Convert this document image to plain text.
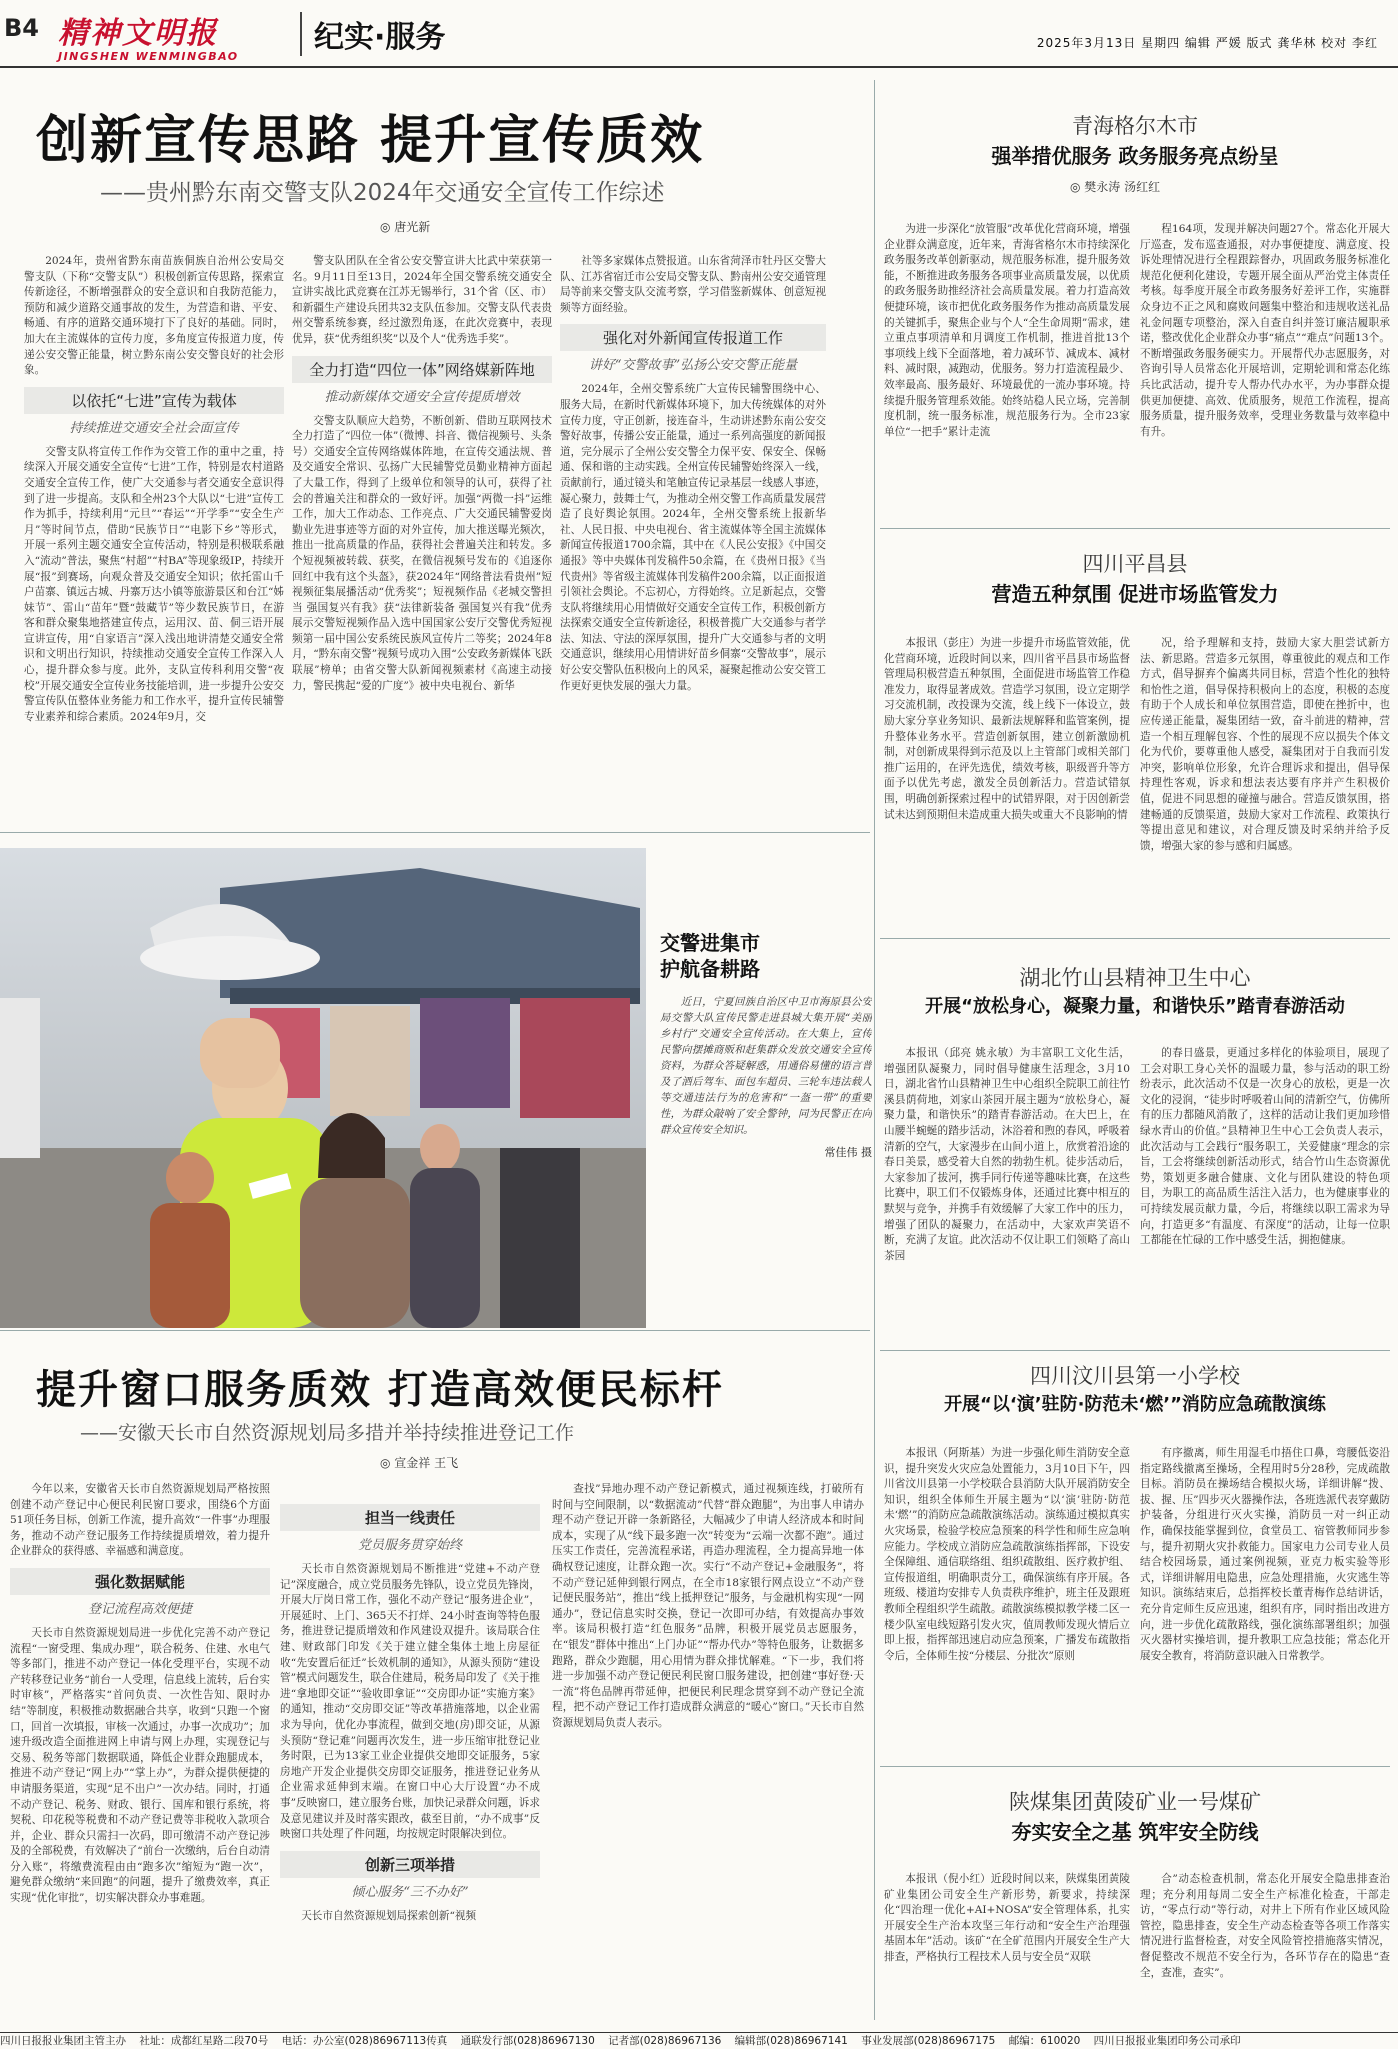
B4 精神文明报
JINGSHEN WENMINGBAO
纪实·服务	2025年3月13日 星期四 编辑 严媛 版式 龚华林 校对 李红
创新宣传思路 提升宣传质效
——贵州黔东南交警支队2024年交通安全宣传工作综述
◎ 唐光新

2024年，贵州省黔东南苗族侗族自治州公安局交警支队（下称“交警支队”）积极创新宣传思路，探索宣传新途径，不断增强群众的安全意识和自我防范能力，预防和减少道路交通事故的发生，为营造和谐、平安、畅通、有序的道路交通环境打下了良好的基础。同时，加大在主流媒体的宣传力度，多角度宣传报道力度，传递公安交警正能量，树立黔东南公安交警良好的社会形象。

以依托“七进”宣传为载体
持续推进交通安全社会面宣传

交警支队将宣传工作作为交管工作的重中之重，持续深入开展交通安全宣传“七进”工作，特别是农村道路交通安全宣传工作，使广大交通参与者交通安全意识得到了进一步提高。支队和全州23个大队以“七进”宣传工作为抓手，持续利用“元旦”“春运”“开学季”“安全生产月”等时间节点，借助“民族节日”“电影下乡”等形式，开展一系列主题交通安全宣传活动，特别是积极联系融入“流动”普法，聚焦“村超”“村BA”等现象级IP，持续开展“报”到赛场，向观众普及交通安全知识；依托雷山千户苗寨、镇远古城、丹寨万达小镇等旅游景区和台江“姊妹节”、雷山“苗年”暨“鼓藏节”等少数民族节日，在游客和群众聚集地搭建宣传点，运用汉、苗、侗三语开展宣讲宣传，用“自家语言”深入浅出地讲清楚交通安全常识和文明出行知识，持续推动交通安全宣传工作深入人心，提升群众参与度。此外，支队宣传科利用交警“夜校”开展交通安全宣传业务技能培训，进一步提升公安交警宣传队伍整体业务能力和工作水平，提升宣传民辅警专业素养和综合素质。2024年9月，交

警支队团队在全省公安交警宣讲大比武中荣获第一名。9月11日至13日，2024年全国交警系统交通安全宣讲实战比武竞赛在江苏无锡举行，31个省（区、市）和新疆生产建设兵团共32支队伍参加。交警支队代表贵州交警系统参赛，经过激烈角逐，在此次竞赛中，表现优异，获“优秀组织奖”以及个人“优秀选手奖”。

全力打造“四位一体”网络媒新阵地
推动新媒体交通安全宣传提质增效

交警支队顺应大趋势，不断创新、借助互联网技术全力打造了“四位一体”（微博、抖音、微信视频号、头条号）交通安全宣传网络媒体阵地，在宣传交通法规、普及交通安全常识、弘扬广大民辅警党员勤业精神方面起了大量工作，得到了上级单位和领导的认可，获得了社会的普遍关注和群众的一致好评。加强“两微一抖”运维工作，加大工作动态、工作亮点、广大交通民辅警爱岗勤业先进事迹等方面的对外宣传，加大推送曝光频次，推出一批高质量的作品，获得社会普遍关注和转发。多个短视频被转载、获奖，在微信视频号发布的《追逐你回红中我有这个头盔》，获2024年“网络普法看贵州”短视频征集展播活动“优秀奖”；短视频作品《老城交警担当 强国复兴有我》获“法律新装备 强国复兴有我”优秀展示交警短视频作品入选中国国家公安厅交警优秀短视频第一届中国公安系统民族风宣传片二等奖；2024年8月，“黔东南交警”视频号成功入围“公安政务新媒体飞跃联展”榜单；由省交警大队新闻视频素材《高速主动接力，警民携起“爱的广度”》被中央电视台、新华

社等多家媒体点赞报道。山东省菏泽市牡丹区交警大队、江苏省宿迁市公安局交警支队、黔南州公安交通管理局等前来交警支队交流考察，学习借鉴新媒体、创意短视频等方面经验。

强化对外新闻宣传报道工作
讲好“交警故事”弘扬公安交警正能量

2024年，全州交警系统广大宣传民辅警围绕中心、服务大局，在新时代新媒体环境下，加大传统媒体的对外宣传力度，守正创新，接连奋斗，生动讲述黔东南公安交警好故事，传播公安正能量，通过一系列高强度的新闻报道，完分展示了全州公安交警全力保平安、保安全、保畅通、保和谐的主动实践。全州宣传民辅警始终深入一线，贡献前行，通过镜头和笔触宣传记录基层一线感人事迹，凝心聚力，鼓舞士气，为推动全州交警工作高质量发展营造了良好舆论氛围。2024年，全州交警系统上报新华社、人民日报、中央电视台、省主流媒体等全国主流媒体新闻宣传报道1700余篇，其中在《人民公安报》《中国交通报》等中央媒体刊发稿件50余篇，在《贵州日报》《当代贵州》等省级主流媒体刊发稿件200余篇，以正面报道引领社会舆论。不忘初心，方得始终。立足新起点，交警支队将继续用心用情做好交通安全宣传工作，积极创新方法探索交通安全宣传新途径，积极普揽广大交通参与者学法、知法、守法的深厚氛围，提升广大交通参与者的文明交通意识，继续用心用情讲好苗乡侗寨“交警故事”，展示好公安交警队伍积极向上的风采，凝聚起推动公安交管工作更好更快发展的强大力量。

交警进集市
护航备耕路
近日，宁夏回族自治区中卫市海原县公安局交警大队宣传民警走进县城大集开展“美丽乡村行”交通安全宣传活动。在大集上，宣传民警向摆摊商贩和赶集群众发放交通安全宣传资料，为群众答疑解惑，用通俗易懂的语言普及了酒后驾车、面包车超员、三轮车违法载人等交通违法行为的危害和“一盔一带”的重要性，为群众敲响了安全警钟，同为民警正在向群众宣传安全知识。
常佳伟 摄
提升窗口服务质效 打造高效便民标杆
——安徽天长市自然资源规划局多措并举持续推进登记工作
◎ 宣金祥 王飞

今年以来，安徽省天长市自然资源规划局严格按照创建不动产登记中心便民利民窗口要求，围绕6个方面51项任务目标，创新工作流，提升高效“一件事”办理服务，推动不动产登记服务工作持续提质增效，着力提升企业群众的获得感、幸福感和满意度。

强化数据赋能
登记流程高效便捷

天长市自然资源规划局进一步优化完善不动产登记流程“一窗受理、集成办理”，联合税务、住建、水电气等多部门，推进不动产登记一体化受理平台，实现不动产转移登记业务“前台一人受理，信息线上流转，后台实时审核”，严格落实“首问负责、一次性告知、限时办结”等制度，积极推动数据融合共享，收到“只跑一个窗口，回首一次填报，审核一次通过，办事一次成功”；加速升级改造全面推进网上申请与网上办理，实现登记与交易、税务等部门数据联通，降低企业群众跑腿成本，推进不动产登记“网上办”“掌上办”，为群众提供便捷的申请服务渠道，实现“足不出户”一次办结。同时，打通不动产登记、税务、财政、银行、国库和银行系统，将契税、印花税等税费和不动产登记费等非税收入款项合并，企业、群众只需扫一次码，即可缴清不动产登记涉及的全部税费，有效解决了“前台一次缴纳，后台自动清分入账”，将缴费流程由由“跑多次”缩短为“跑一次”，避免群众缴纳“来回跑”的问题，提升了缴费效率，真正实现“优化审批”，切实解决群众办事难题。

担当一线责任
党员服务贯穿始终

天长市自然资源规划局不断推进“党建+不动产登记”深度融合，成立党员服务先锋队，设立党员先锋岗，开展大厅岗日常工作，强化不动产登记“服务进企业”，开展延时、上门、365天不打烊、24小时查询等特色服务，推进登记提质增效和作风建设双提升。该局联合住建、财政部门印发《关于建立健全集体土地上房屋征收“先安置后征迁”长效机制的通知》，从源头预防“建设管”模式问题发生，联合住建局，税务局印发了《关于推进“拿地即交证”“验收即拿证”“交房即办证”实施方案》的通知，推动“交房即交证”等改革措施落地，以企业需求为导向，优化办事流程，做到交地(房)即交证，从源头预防“登记难”问题再次发生，进一步压缩审批登记业务时限，已为13家工业企业提供交地即交证服务，5家房地产开发企业提供交房即交证服务，推进登记业务从企业需求延伸到末端。在窗口中心大厅设置“办不成事”反映窗口，建立服务台账，加快记录群众问题，诉求及意见建议并及时落实跟改，截至目前，“办不成事”反映窗口共处理了件问题，均按规定时限解决到位。

创新三项举措
倾心服务“三不办好”

天长市自然资源规划局探索创新“视频

查找”异地办理不动产登记新模式，通过视频连线，打破所有时间与空间限制，以“数据流动”代替“群众跑腿”，为出事人申请办理不动产登记开辟一条新路径，大幅减少了申请人经济成本和时间成本，实现了从“线下最多跑一次”转变为“云端一次都不跑”。通过压实工作责任，完善流程承诺，再造办理流程，全力提高异地一体确权登记速度，让群众跑一次。实行“不动产登记+金融服务”，将不动产登记延伸到银行网点，在全市18家银行网点设立“不动产登记便民服务站”，推出“线上抵押登记”服务，与金融机构实现“一网通办”，登记信息实时交换，登记一次即可办结，有效提高办事效率。该局积极打造“红色服务”品牌，积极开展党员志愿服务，在“银发”群体中推出“上门办证”“帮办代办”等特色服务，让数据多跑路，群众少跑腿，用心用情为群众排忧解难。“下一步，我们将进一步加强不动产登记便民利民窗口服务建设，把创建“事好登·天一流”将色品牌再带延伸，把便民利民理念贯穿到不动产登记全流程，把不动产登记工作打造成群众满意的“暖心”窗口。”天长市自然资源规划局负责人表示。

青海格尔木市
强举措优服务 政务服务亮点纷呈
◎ 樊永涛 汤红红

为进一步深化“放管服”改革优化营商环境，增强企业群众满意度，近年来，青海省格尔木市持续深化政务服务改革创新驱动，规范服务标准，提升服务效能，不断推进政务服务各项事业高质量发展，以优质的政务服务助推经济社会高质量发展。着力打造高效便捷环境，该市把优化政务服务作为推动高质量发展的关键抓手，聚焦企业与个人“全生命周期”需求，建立重点事项清单和月调度工作机制，推进首批13个事项线上线下全面落地，着力减环节、减成本、减材料、减时限，减跑动，优服务。努力打造流程最少、效率最高、服务最好、环境最优的一流办事环境。持续提升服务管理系效能。始终站稳人民立场，完善制度机制，统一服务标准，规范服务行为。全市23家单位“一把手”累计走流

程164项，发现并解决问题27个。常态化开展大厅巡查，发布巡查通报，对办事便捷度、满意度、投诉处理情况进行全程跟踪督办，巩固政务服务标准化规范化便利化建设，专题开展全面从严治党主体责任考核。每季度开展全市政务服务好差评工作，实施群众身边不正之风和腐败问题集中整治和违规收送礼品礼金问题专项整治，深入自查自纠并签订廉洁履职承诺，整改优化企业群众办事“痛点”“难点”问题13个。不断增强政务服务硬实力。开展帮代办志愿服务，对咨询引导人员常态化开展培训，定期轮训和常态化练兵比武活动，提升专人帮办代办水平，为办事群众提供更加便捷、高效、优质服务，规范工作流程，提高服务质量，提升服务效率，受理业务数量与效率稳中有升。

四川平昌县
营造五种氛围 促进市场监管发力

本报讯（彭庄）为进一步提升市场监管效能，优化营商环境，近段时间以来，四川省平昌县市场监督管理局积极营造五种氛围，全面促进市场监管工作稳准发力，取得显著成效。营造学习氛围，设立定期学习交流机制，改投课为交流，线上线下一体设立，鼓励大家分享业务知识、最新法规解释和监管案例，提升整体业务水平。营造创新氛围，建立创新激励机制，对创新成果得到示范及以上主管部门或相关部门推广运用的，在评先选优，绩效考核，职级晋升等方面予以优先考虑，激发全员创新活力。营造试错氛围，明确创新探索过程中的试错界限，对于因创新尝试未达到预期但未造成重大损失或重大不良影响的情

况，给予理解和支持，鼓励大家大胆尝试新方法、新思路。营造多元氛围，尊重彼此的观点和工作方式，倡导摒弃个偏离共同目标，营造个性化的独特和怡性之道，倡导保持积极向上的态度，积极的态度有助于个人成长和单位氛围营造，即使在挫折中，也应传递正能量，凝集团结一致，奋斗前进的精神，营造一个相互理解包容、个性的展现不应以损失个体文化为代价，要尊重他人感受，凝集团对于自我而引发冲突，影响单位形象，允许合理诉求和提出，倡导保持理性客观，诉求和想法表达要有序并产生积极价值，促进不同思想的碰撞与融合。营造反馈氛围，搭建畅通的反馈渠道，鼓励大家对工作流程、政策执行等提出意见和建议，对合理反馈及时采纳并给予反馈，增强大家的参与感和归属感。

湖北竹山县精神卫生中心
开展“放松身心，凝聚力量，和谐快乐”踏青春游活动

本报讯（邱亮 姚永敏）为丰富职工文化生活，增强团队凝聚力，同时倡导健康生活理念，3月10日，湖北省竹山县精神卫生中心组织全院职工前往竹溪县荫荷地，刘家山茶园开展主题为“放松身心，凝聚力量，和谐快乐”的踏青春游活动。在大巴上，在山腰半蜿蜒的踏步活动，沐浴着和煦的春风，呼吸着清新的空气，大家漫步在山间小道上，欣赏着沿途的春日美景，感受着大自然的勃勃生机。徒步活动后，大家参加了拔河，携手同行传递等趣味比赛，在这些比赛中，职工们不仅锻炼身体，还通过比赛中相互的默契与竞争，并携手有效缓解了大家工作中的压力，增强了团队的凝聚力，在活动中，大家欢声笑语不断，充满了友谊。此次活动不仅让职工们领略了高山茶园

的春日盛景，更通过多样化的体验项目，展现了工会对职工身心关怀的温暖力量，参与活动的职工纷纷表示，此次活动不仅是一次身心的放松，更是一次文化的浸润，“徒步时呼吸着山间的清新空气，仿佛所有的压力都随风消散了，这样的活动让我们更加珍惜绿水青山的价值。”县精神卫生中心工会负责人表示，此次活动与工会践行“服务职工，关爱健康”理念的宗旨，工会将继续创新活动形式，结合竹山生态资源优势，策划更多融合健康、文化与团队建设的特色项目，为职工的高品质生活注入活力，也为健康事业的可持续发展贡献力量，今后，将继续以职工需求为导向，打造更多“有温度、有深度”的活动，让每一位职工都能在忙碌的工作中感受生活，拥抱健康。

四川汶川县第一小学校
开展“以‘演’驻防·防范未‘燃’”消防应急疏散演练

本报讯（阿斯基）为进一步强化师生消防安全意识，提升突发火灾应急处置能力，3月10日下午，四川省汶川县第一小学校联合县消防大队开展消防安全知识，组织全体师生开展主题为“以‘演’驻防·防范未‘燃’”的消防应急疏散演练活动。演练通过模拟真实火灾场景，检验学校应急预案的科学性和师生应急响应能力。学校成立消防应急疏散演练指挥部，下设安全保障组、通信联络组、组织疏散组、医疗救护组、宣传报道组，明确职责分工，确保演练有序开展。各班级、楼道均安排专人负责秩序维护，班主任及跟班教师全程组织学生疏散。疏散演练模拟教学楼二区一楼少队室电线短路引发火灾，值周教师发现火情后立即上报，指挥部迅速启动应急预案，广播发布疏散指令后，全体师生按“分楼层、分批次”原则

有序撤离，师生用湿毛巾捂住口鼻，弯腰低姿沿指定路线撤离至操场，全程用时5分28秒，完成疏散目标。消防员在操场结合模拟火场，详细讲解“拨、拔、握、压”四步灭火器操作法，各班选派代表穿戴防护装备，分组进行灭火实操，消防员一对一纠正动作，确保技能掌握到位，食堂员工、宿管教师同步参与，提升初期火灾扑救能力。国家电力公司专业人员结合校园场景，通过案例视频，亚克力板实验等形式，详细讲解用电隐患，应急处理措施，火灾逃生等知识。演练结束后，总指挥校长董青梅作总结讲话，充分肯定师生反应迅速，组织有序，同时指出改进方向，进一步优化疏散路线，强化演练部署组织；加强灭火器材实操培训，提升教职工应急技能；常态化开展安全教育，将消防意识融入日常教学。

陕煤集团黄陵矿业一号煤矿
夯实安全之基 筑牢安全防线

本报讯（倪小红）近段时间以来，陕煤集团黄陵矿业集团公司安全生产新形势，新要求，持续深化“四治理一优化+AI+NOSA”安全管理体系，扎实开展安全生产治本攻坚三年行动和“安全生产治理强基固本年”活动。该矿“在全矿范围内开展安全生产大排查，严格执行工程技术人员与安全员“双联

合”动态检查机制，常态化开展安全隐患排查治理；充分利用每周二安全生产标准化检查，干部走访，“零点行动”等行动，对井上下所有作业区域风险管控，隐患排查，安全生产动态检查等各项工作落实情况进行监督检查，对安全风险管控措施落实情况，督促整改不规范不安全行为，各环节存在的隐患“查全，查准，查实”。

四川日报报业集团主管主办 社址：成都红星路二段70号 电话：办公室(028)86967113传真 通联发行部(028)86967130 记者部(028)86967136 编辑部(028)86967141 事业发展部(028)86967175 邮编：610020 四川日报报业集团印务公司承印
